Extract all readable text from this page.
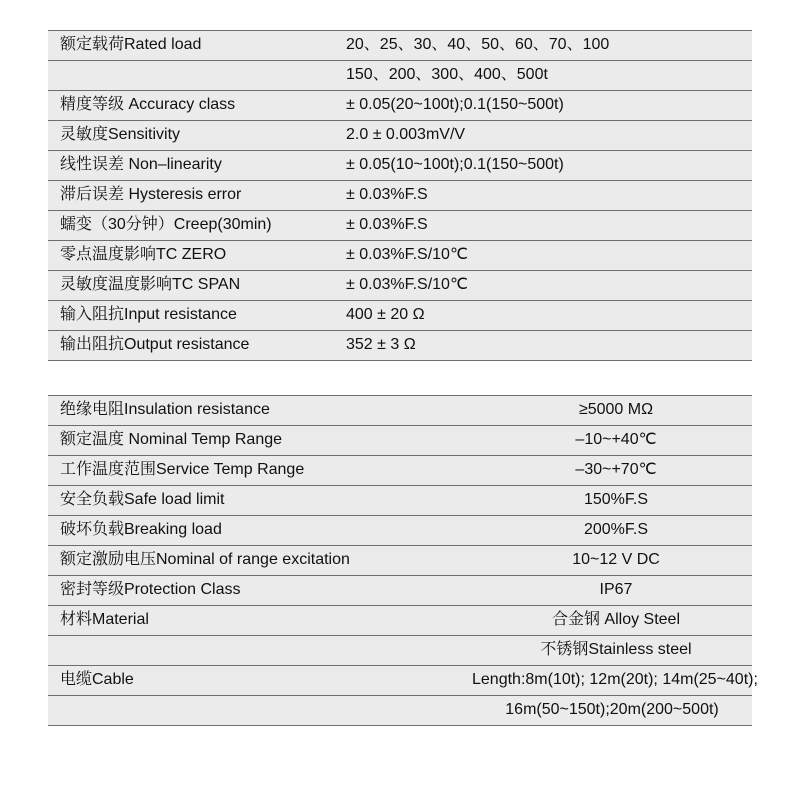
额定载荷Rated load	20、25、30、40、50、60、70、100
	150、200、300、400、500t
精度等级 Accuracy class	± 0.05(20~100t);0.1(150~500t)
灵敏度Sensitivity	2.0 ± 0.003mV/V
线性误差 Non–linearity	± 0.05(10~100t);0.1(150~500t)
滞后误差 Hysteresis error	± 0.03%F.S
蠕变（30分钟）Creep(30min)	± 0.03%F.S
零点温度影响TC ZERO	± 0.03%F.S/10℃
灵敏度温度影响TC SPAN	± 0.03%F.S/10℃
输入阻抗Input resistance	400 ± 20 Ω
输出阻抗Output resistance	352 ± 3 Ω
绝缘电阻Insulation resistance	≥5000 MΩ
额定温度 Nominal Temp Range	–10~+40℃
工作温度范围Service Temp Range	–30~+70℃
安全负载Safe load limit	150%F.S
破坏负载Breaking load	200%F.S
额定激励电压Nominal of range excitation	10~12 V DC
密封等级Protection Class	IP67
材料Material	合金钢 Alloy Steel
	不锈钢Stainless steel
电缆Cable	Length:8m(10t); 12m(20t); 14m(25~40t);
	16m(50~150t);20m(200~500t)
